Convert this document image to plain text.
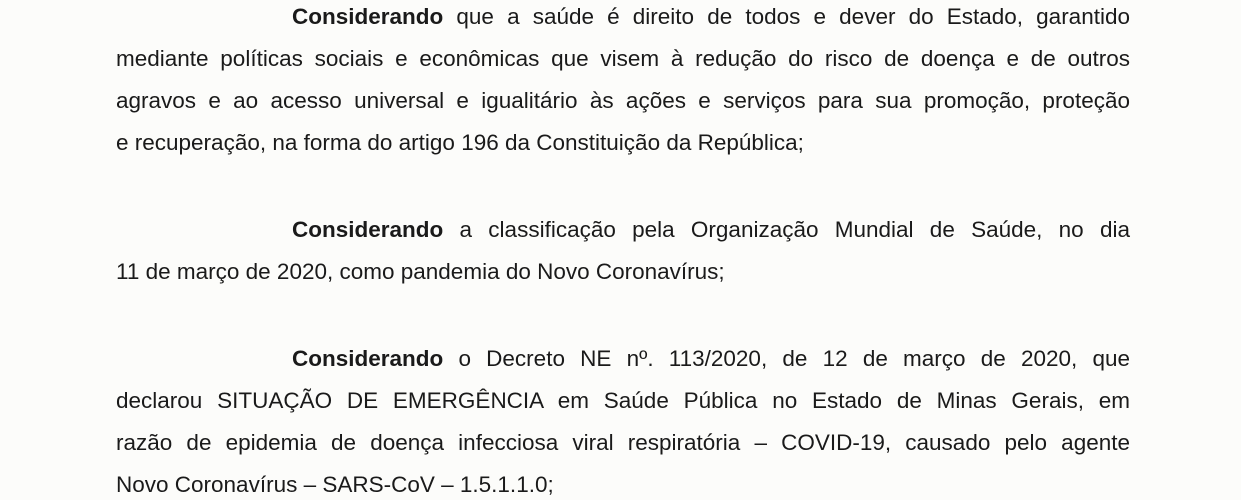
Considerando que a saúde é direito de todos e dever do Estado, garantido
mediante políticas sociais e econômicas que visem à redução do risco de doença e de outros
agravos e ao acesso universal e igualitário às ações e serviços para sua promoção, proteção
e recuperação, na forma do artigo 196 da Constituição da República;
Considerando a classificação pela Organização Mundial de Saúde, no dia
11 de março de 2020, como pandemia do Novo Coronavírus;
Considerando o Decreto NE nº. 113/2020, de 12 de março de 2020, que
declarou SITUAÇÃO DE EMERGÊNCIA em Saúde Pública no Estado de Minas Gerais, em
razão de epidemia de doença infecciosa viral respiratória – COVID-19, causado pelo agente
Novo Coronavírus – SARS-CoV – 1.5.1.1.0;
